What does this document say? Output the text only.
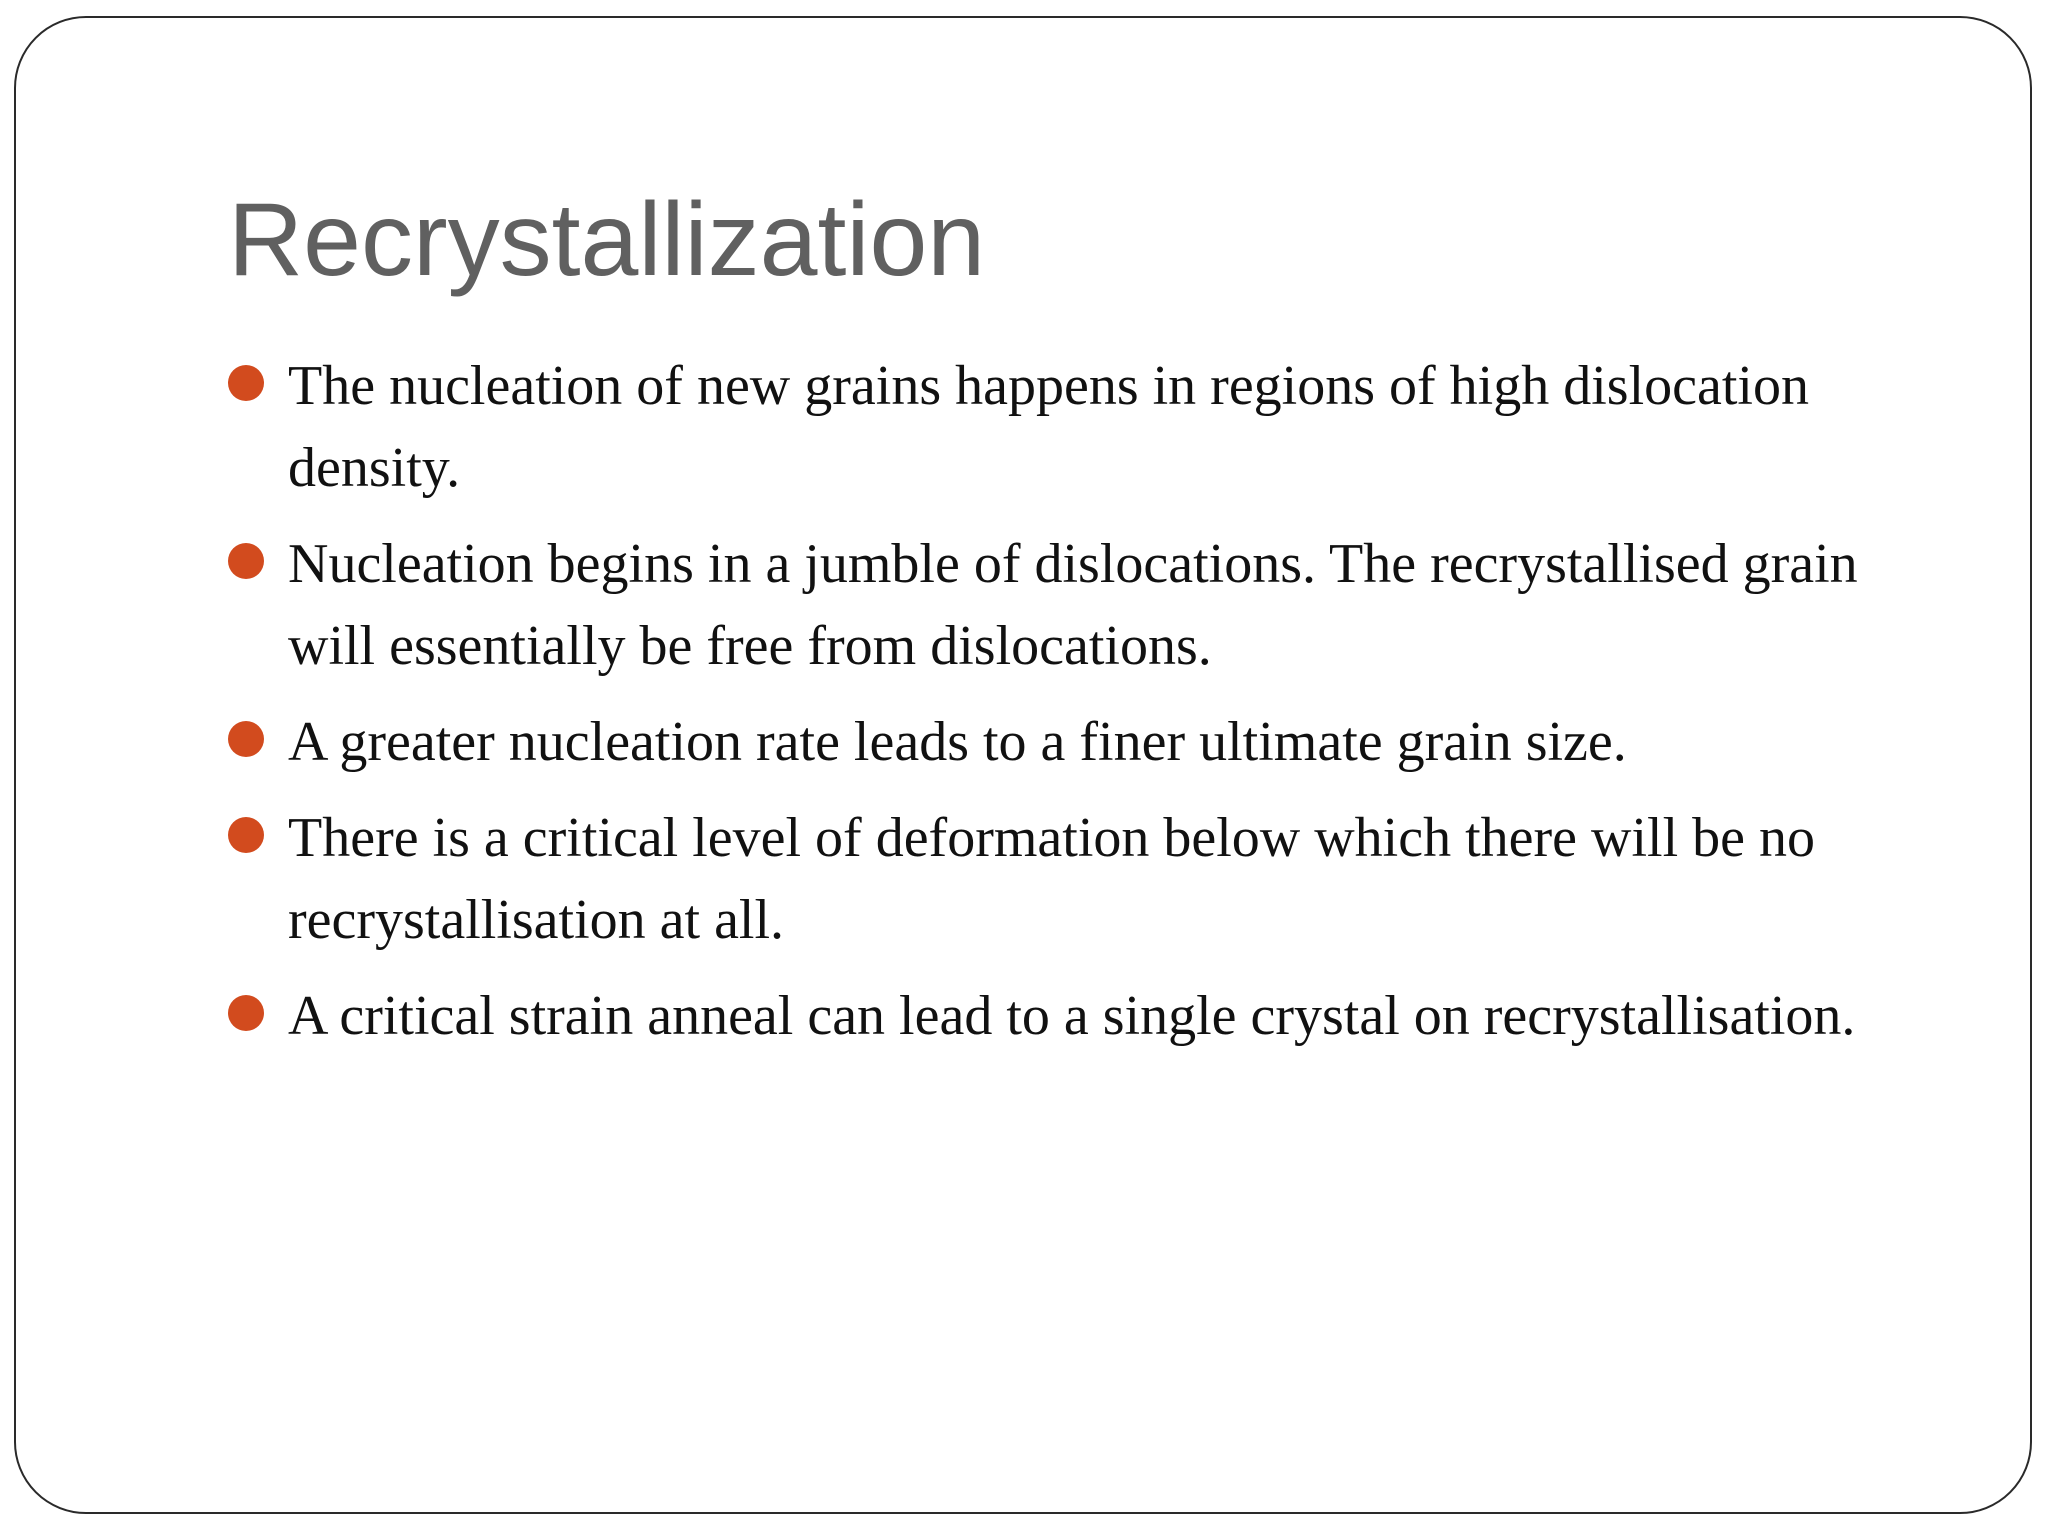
Recrystallization
The nucleation of new grains happens in regions of high dislocation density.
Nucleation begins in a jumble of dislocations. The recrystallised grain will essentially be free from dislocations.
A greater nucleation rate leads to a finer ultimate grain size.
There is a critical level of deformation below which there will be no recrystallisation at all.
A critical strain anneal can lead to a single crystal on recrystallisation.
